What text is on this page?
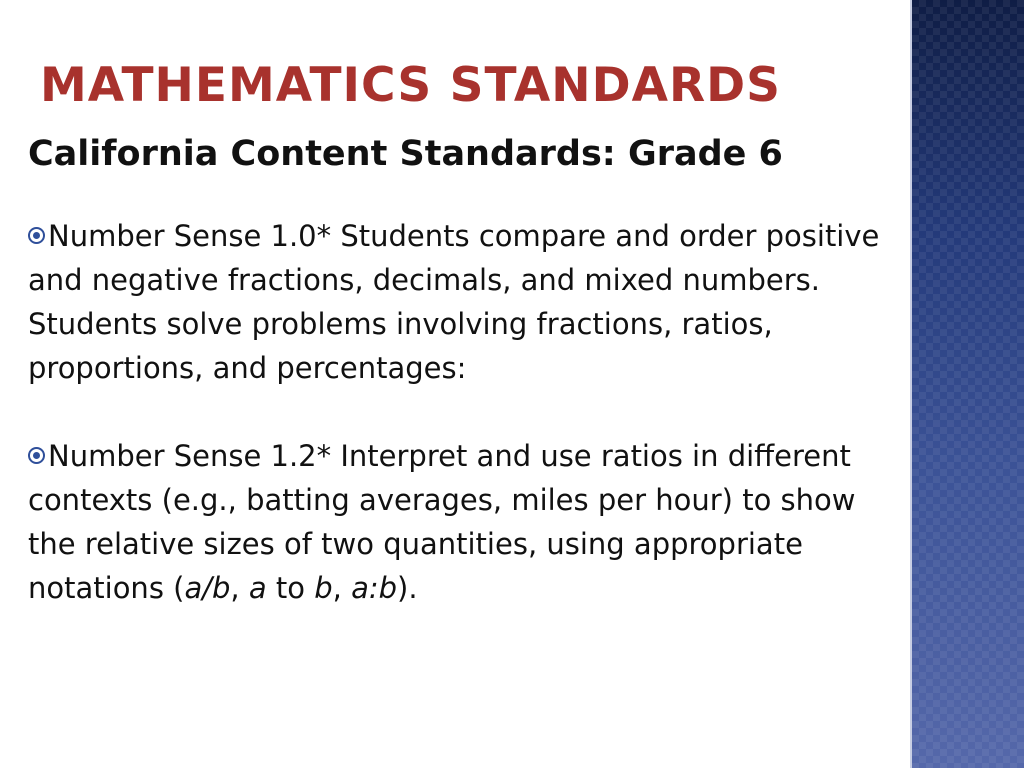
MATHEMATICS STANDARDS
California Content Standards: Grade 6
Number Sense 1.0* Students compare and order positive and negative fractions, decimals, and mixed numbers. Students solve problems involving fractions, ratios, proportions, and percentages:
Number Sense 1.2* Interpret and use ratios in different contexts (e.g., batting averages, miles per hour) to show the relative sizes of two quantities, using appropriate notations (a/b, a to b, a:b).
